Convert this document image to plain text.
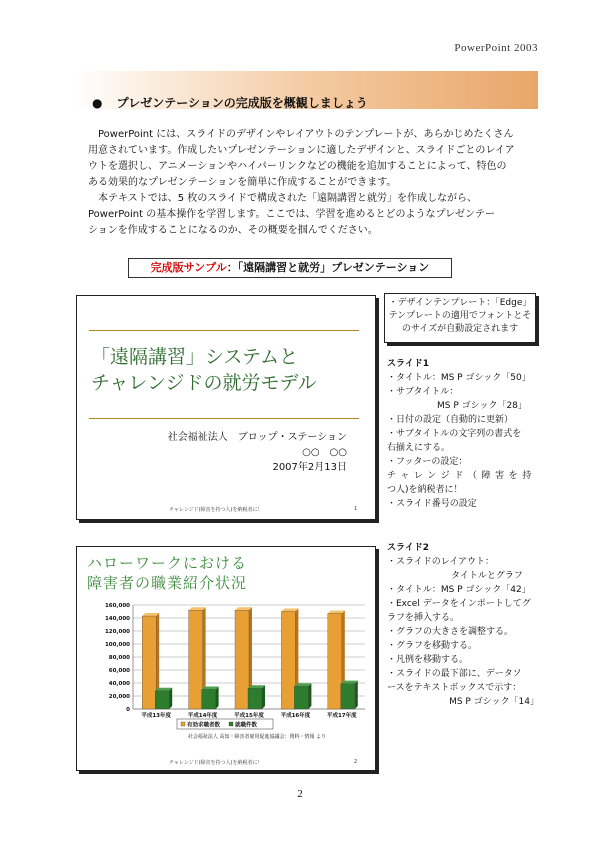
PowerPoint 2003
● プレゼンテーションの完成版を概観しましょう

PowerPoint には、スライドのデザインやレイアウトのテンプレートが、あらかじめたくさん
用意されています。作成したいプレゼンテーションに適したデザインと、スライドごとのレイア
ウトを選択し、アニメーションやハイパーリンクなどの機能を追加することによって、特色の
ある効果的なプレゼンテーションを簡単に作成することができます。

本テキストでは、5 枚のスライドで構成された「遠隔講習と就労」を作成しながら、
PowerPoint の基本操作を学習します。ここでは、学習を進めるとどのようなプレゼンテー
ションを作成することになるのか、その概要を掴んでください。

完成版サンプル：「遠隔講習と就労」プレゼンテーション
「遠隔講習」システムと
チャレンジドの就労モデル
社会福祉法人　ブロップ・ステーション
○○　○○
2007年2月13日
チャレンジド(障害を持つ人)を納税者に！	1
・デザインテンプレート：「Edge」テンプレートの適用でフォントとそのサイズが自動設定されます
スライド1
・タイトル：MS P ゴシック「50」
・サブタイトル：
MS P ゴシック「28」
・日付の設定（自動的に更新）
・サブタイトルの文字列の書式を
右揃えにする。
・フッターの設定：
チャレンジド（障害を持
つ人)を納税者に！
・スライド番号の設定
ハローワークにおける
障害者の職業紹介状況
0
20,000
40,000
60,000
80,000
100,000
120,000
140,000
160,000
平成13年度	平成14年度	平成15年度	平成16年度	平成17年度
有効求職者数	就職件数
社会福祉法人 高知・障害者雇用促進協議会：資料・情報 より
チャレンジド(障害を持つ人)を納税者に！	2
スライド2
・スライドのレイアウト：
タイトルとグラフ
・タイトル：MS P ゴシック「42」
・Excel データをインポートしてグ
ラフを挿入する。
・グラフの大きさを調整する。
・グラフを移動する。
・凡例を移動する。
・スライドの最下部に、データソ
ースをテキストボックスで示す：
MS P ゴシック「14」
2
